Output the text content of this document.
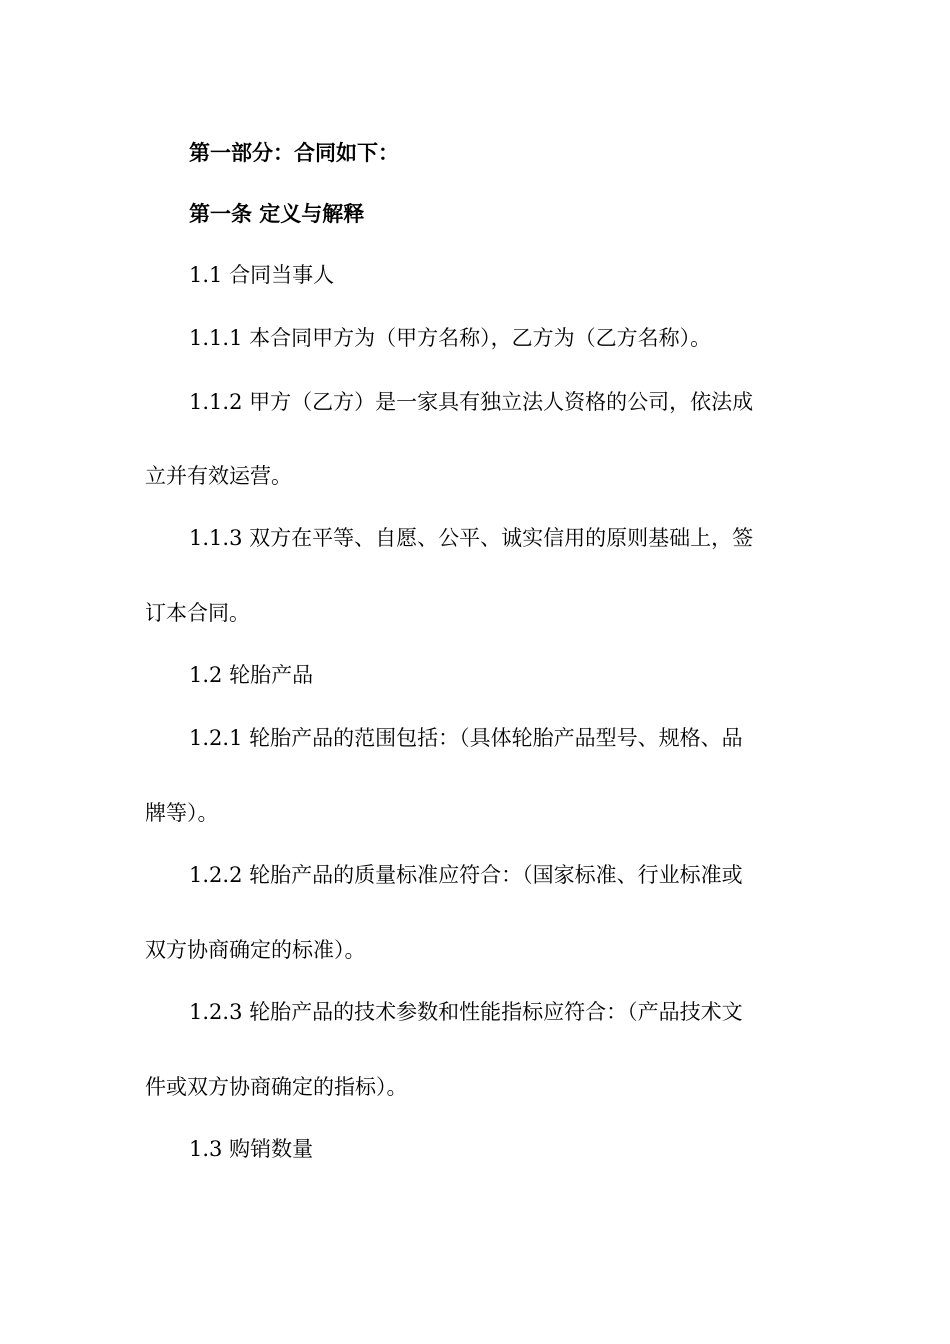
第一部分：合同如下：

第一条 定义与解释

1.1 合同当事人

1.1.1 本合同甲方为（甲方名称），乙方为（乙方名称）。

1.1.2 甲方（乙方）是一家具有独立法人资格的公司，依法成

立并有效运营。

1.1.3 双方在平等、自愿、公平、诚实信用的原则基础上，签

订本合同。

1.2 轮胎产品

1.2.1 轮胎产品的范围包括：（具体轮胎产品型号、规格、品

牌等）。

1.2.2 轮胎产品的质量标准应符合：（国家标准、行业标准或

双方协商确定的标准）。

1.2.3 轮胎产品的技术参数和性能指标应符合：（产品技术文

件或双方协商确定的指标）。

1.3 购销数量
